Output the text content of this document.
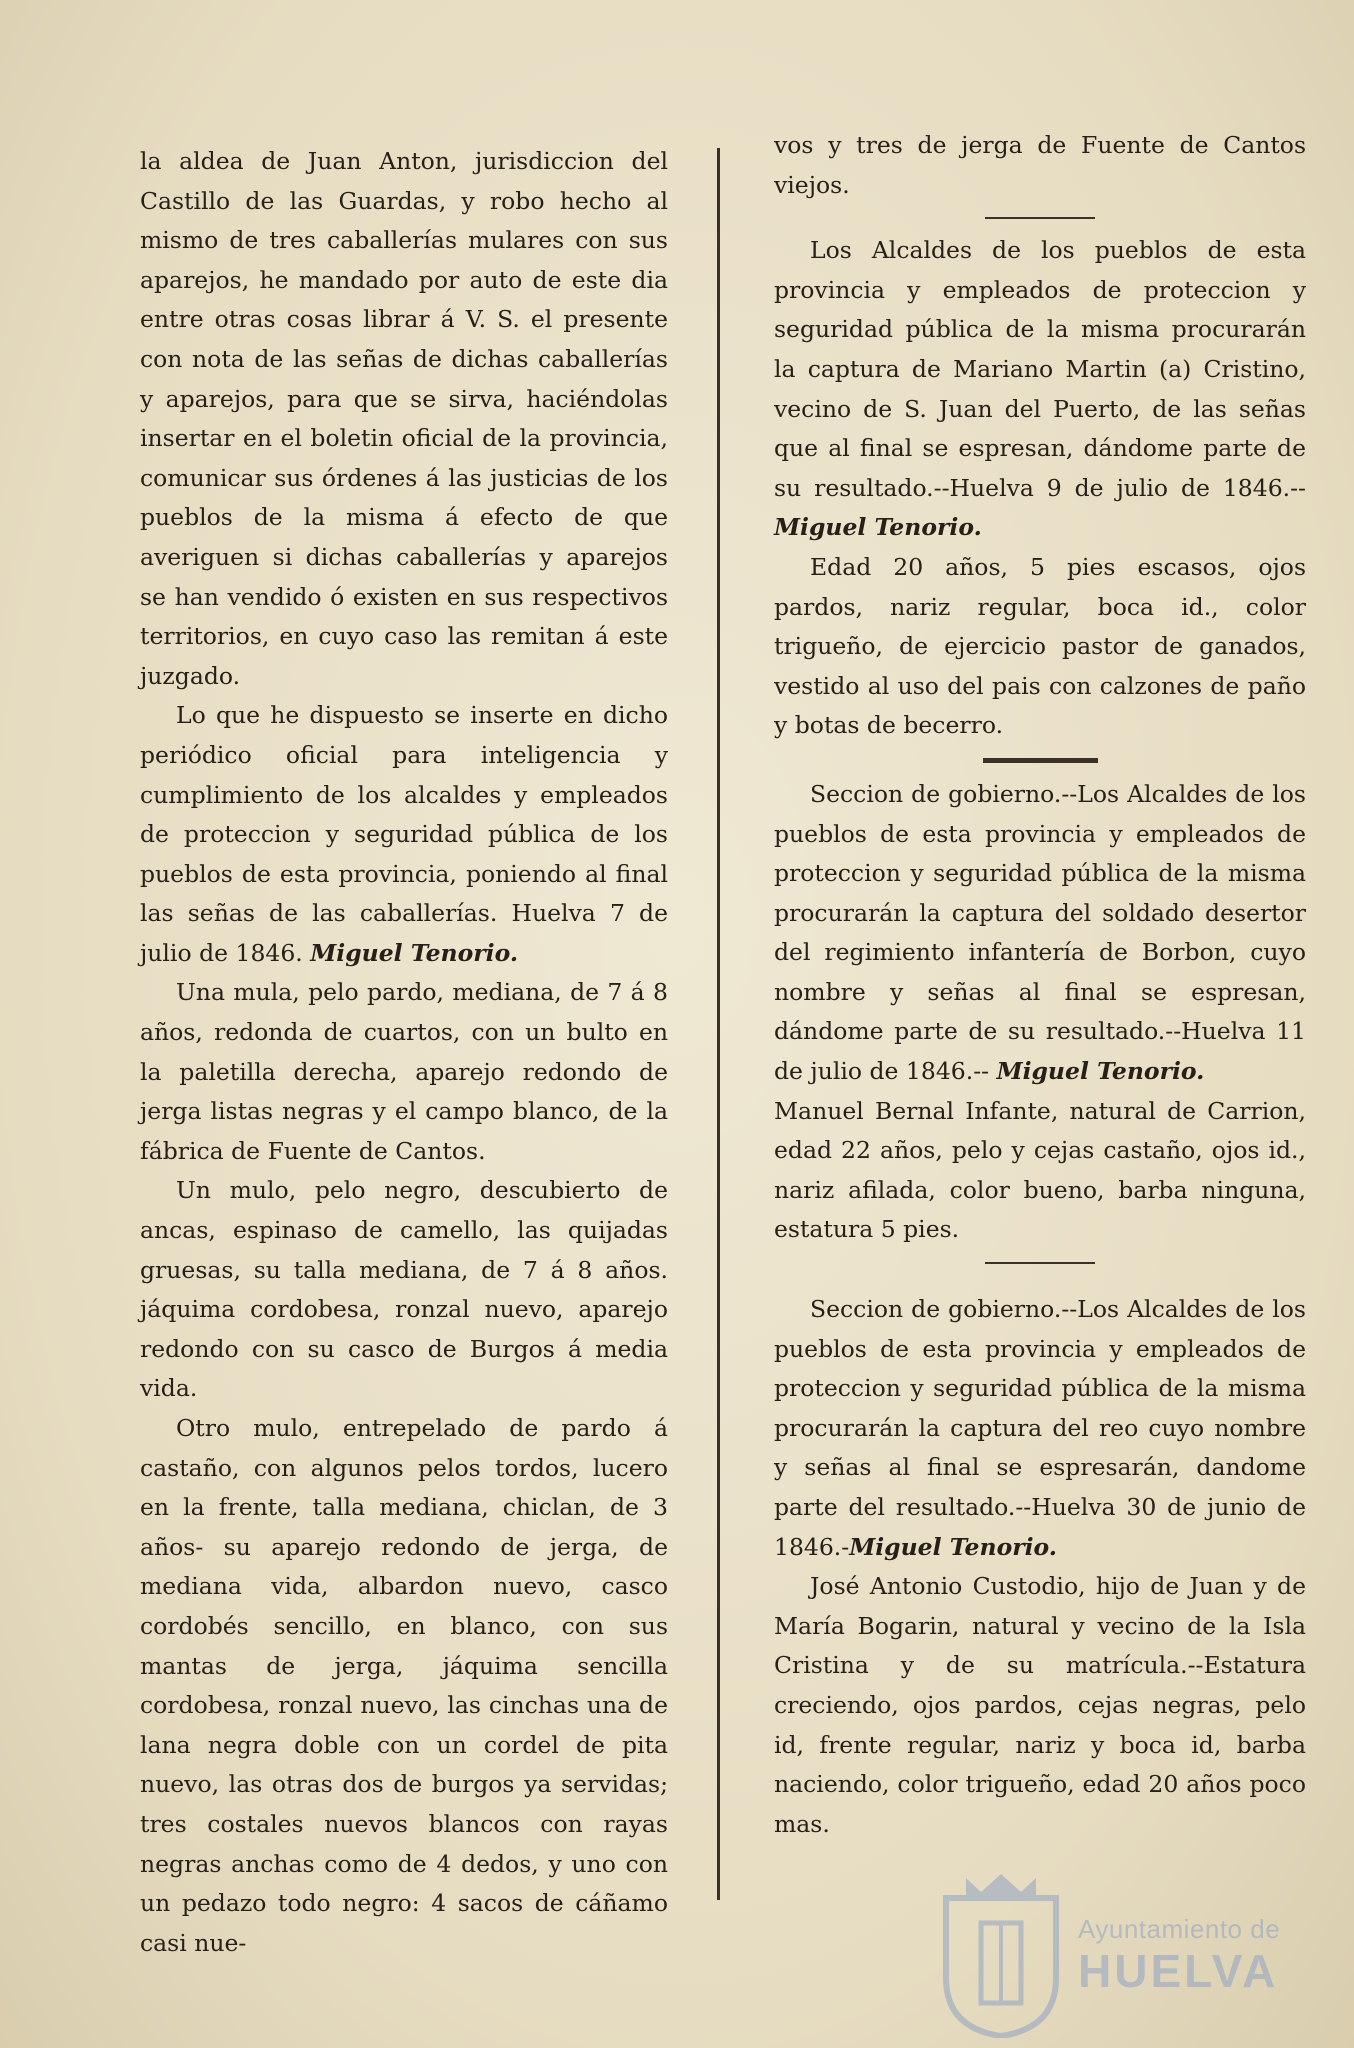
la aldea de Juan Anton, jurisdiccion del Castillo de las Guardas, y robo hecho al mismo de tres caballerías mulares con sus aparejos, he mandado por auto de este dia entre otras cosas librar á V. S. el presente con nota de las señas de dichas caballerías y aparejos, para que se sirva, haciéndolas insertar en el boletin oficial de la provincia, comunicar sus órdenes á las justicias de los pueblos de la misma á efecto de que averiguen si dichas caballerías y aparejos se han vendido ó existen en sus respectivos territorios, en cuyo caso las remitan á este juzgado.

Lo que he dispuesto se inserte en dicho periódico oficial para inteligencia y cumplimiento de los alcaldes y empleados de proteccion y seguridad pública de los pueblos de esta provincia, poniendo al final las señas de las caballerías. Huelva 7 de julio de 1846. Miguel Tenorio.

Una mula, pelo pardo, mediana, de 7 á 8 años, redonda de cuartos, con un bulto en la paletilla derecha, aparejo redondo de jerga listas negras y el campo blanco, de la fábrica de Fuente de Cantos.

Un mulo, pelo negro, descubierto de ancas, espinaso de camello, las quijadas gruesas, su talla mediana, de 7 á 8 años. jáquima cordobesa, ronzal nuevo, aparejo redondo con su casco de Burgos á media vida.

Otro mulo, entrepelado de pardo á castaño, con algunos pelos tordos, lucero en la frente, talla mediana, chiclan, de 3 años- su aparejo redondo de jerga, de mediana vida, albardon nuevo, casco cordobés sencillo, en blanco, con sus mantas de jerga, jáquima sencilla cordobesa, ronzal nuevo, las cinchas una de lana negra doble con un cordel de pita nuevo, las otras dos de burgos ya servidas; tres costales nuevos blancos con rayas negras anchas como de 4 dedos, y uno con un pedazo todo negro: 4 sacos de cáñamo casi nue-

vos y tres de jerga de Fuente de Cantos viejos.

Los Alcaldes de los pueblos de esta provincia y empleados de proteccion y seguridad pública de la misma procurarán la captura de Mariano Martin (a) Cristino, vecino de S. Juan del Puerto, de las señas que al final se espresan, dándome parte de su resultado.--Huelva 9 de julio de 1846.-- Miguel Tenorio.

Edad 20 años, 5 pies escasos, ojos pardos, nariz regular, boca id., color trigueño, de ejercicio pastor de ganados, vestido al uso del pais con calzones de paño y botas de becerro.

Seccion de gobierno.--Los Alcaldes de los pueblos de esta provincia y empleados de proteccion y seguridad pública de la misma procurarán la captura del soldado desertor del regimiento infantería de Borbon, cuyo nombre y señas al final se espresan, dándome parte de su resultado.--Huelva 11 de julio de 1846.-- Miguel Tenorio.

Manuel Bernal Infante, natural de Carrion, edad 22 años, pelo y cejas castaño, ojos id., nariz afilada, color bueno, barba ninguna, estatura 5 pies.

Seccion de gobierno.--Los Alcaldes de los pueblos de esta provincia y empleados de proteccion y seguridad pública de la misma procurarán la captura del reo cuyo nombre y señas al final se espresarán, dandome parte del resultado.--Huelva 30 de junio de 1846.-Miguel Tenorio.

José Antonio Custodio, hijo de Juan y de María Bogarin, natural y vecino de la Isla Cristina y de su matrícula.--Estatura creciendo, ojos pardos, cejas negras, pelo id, frente regular, nariz y boca id, barba naciendo, color trigueño, edad 20 años poco mas.

Ayuntamiento de
HUELVA
